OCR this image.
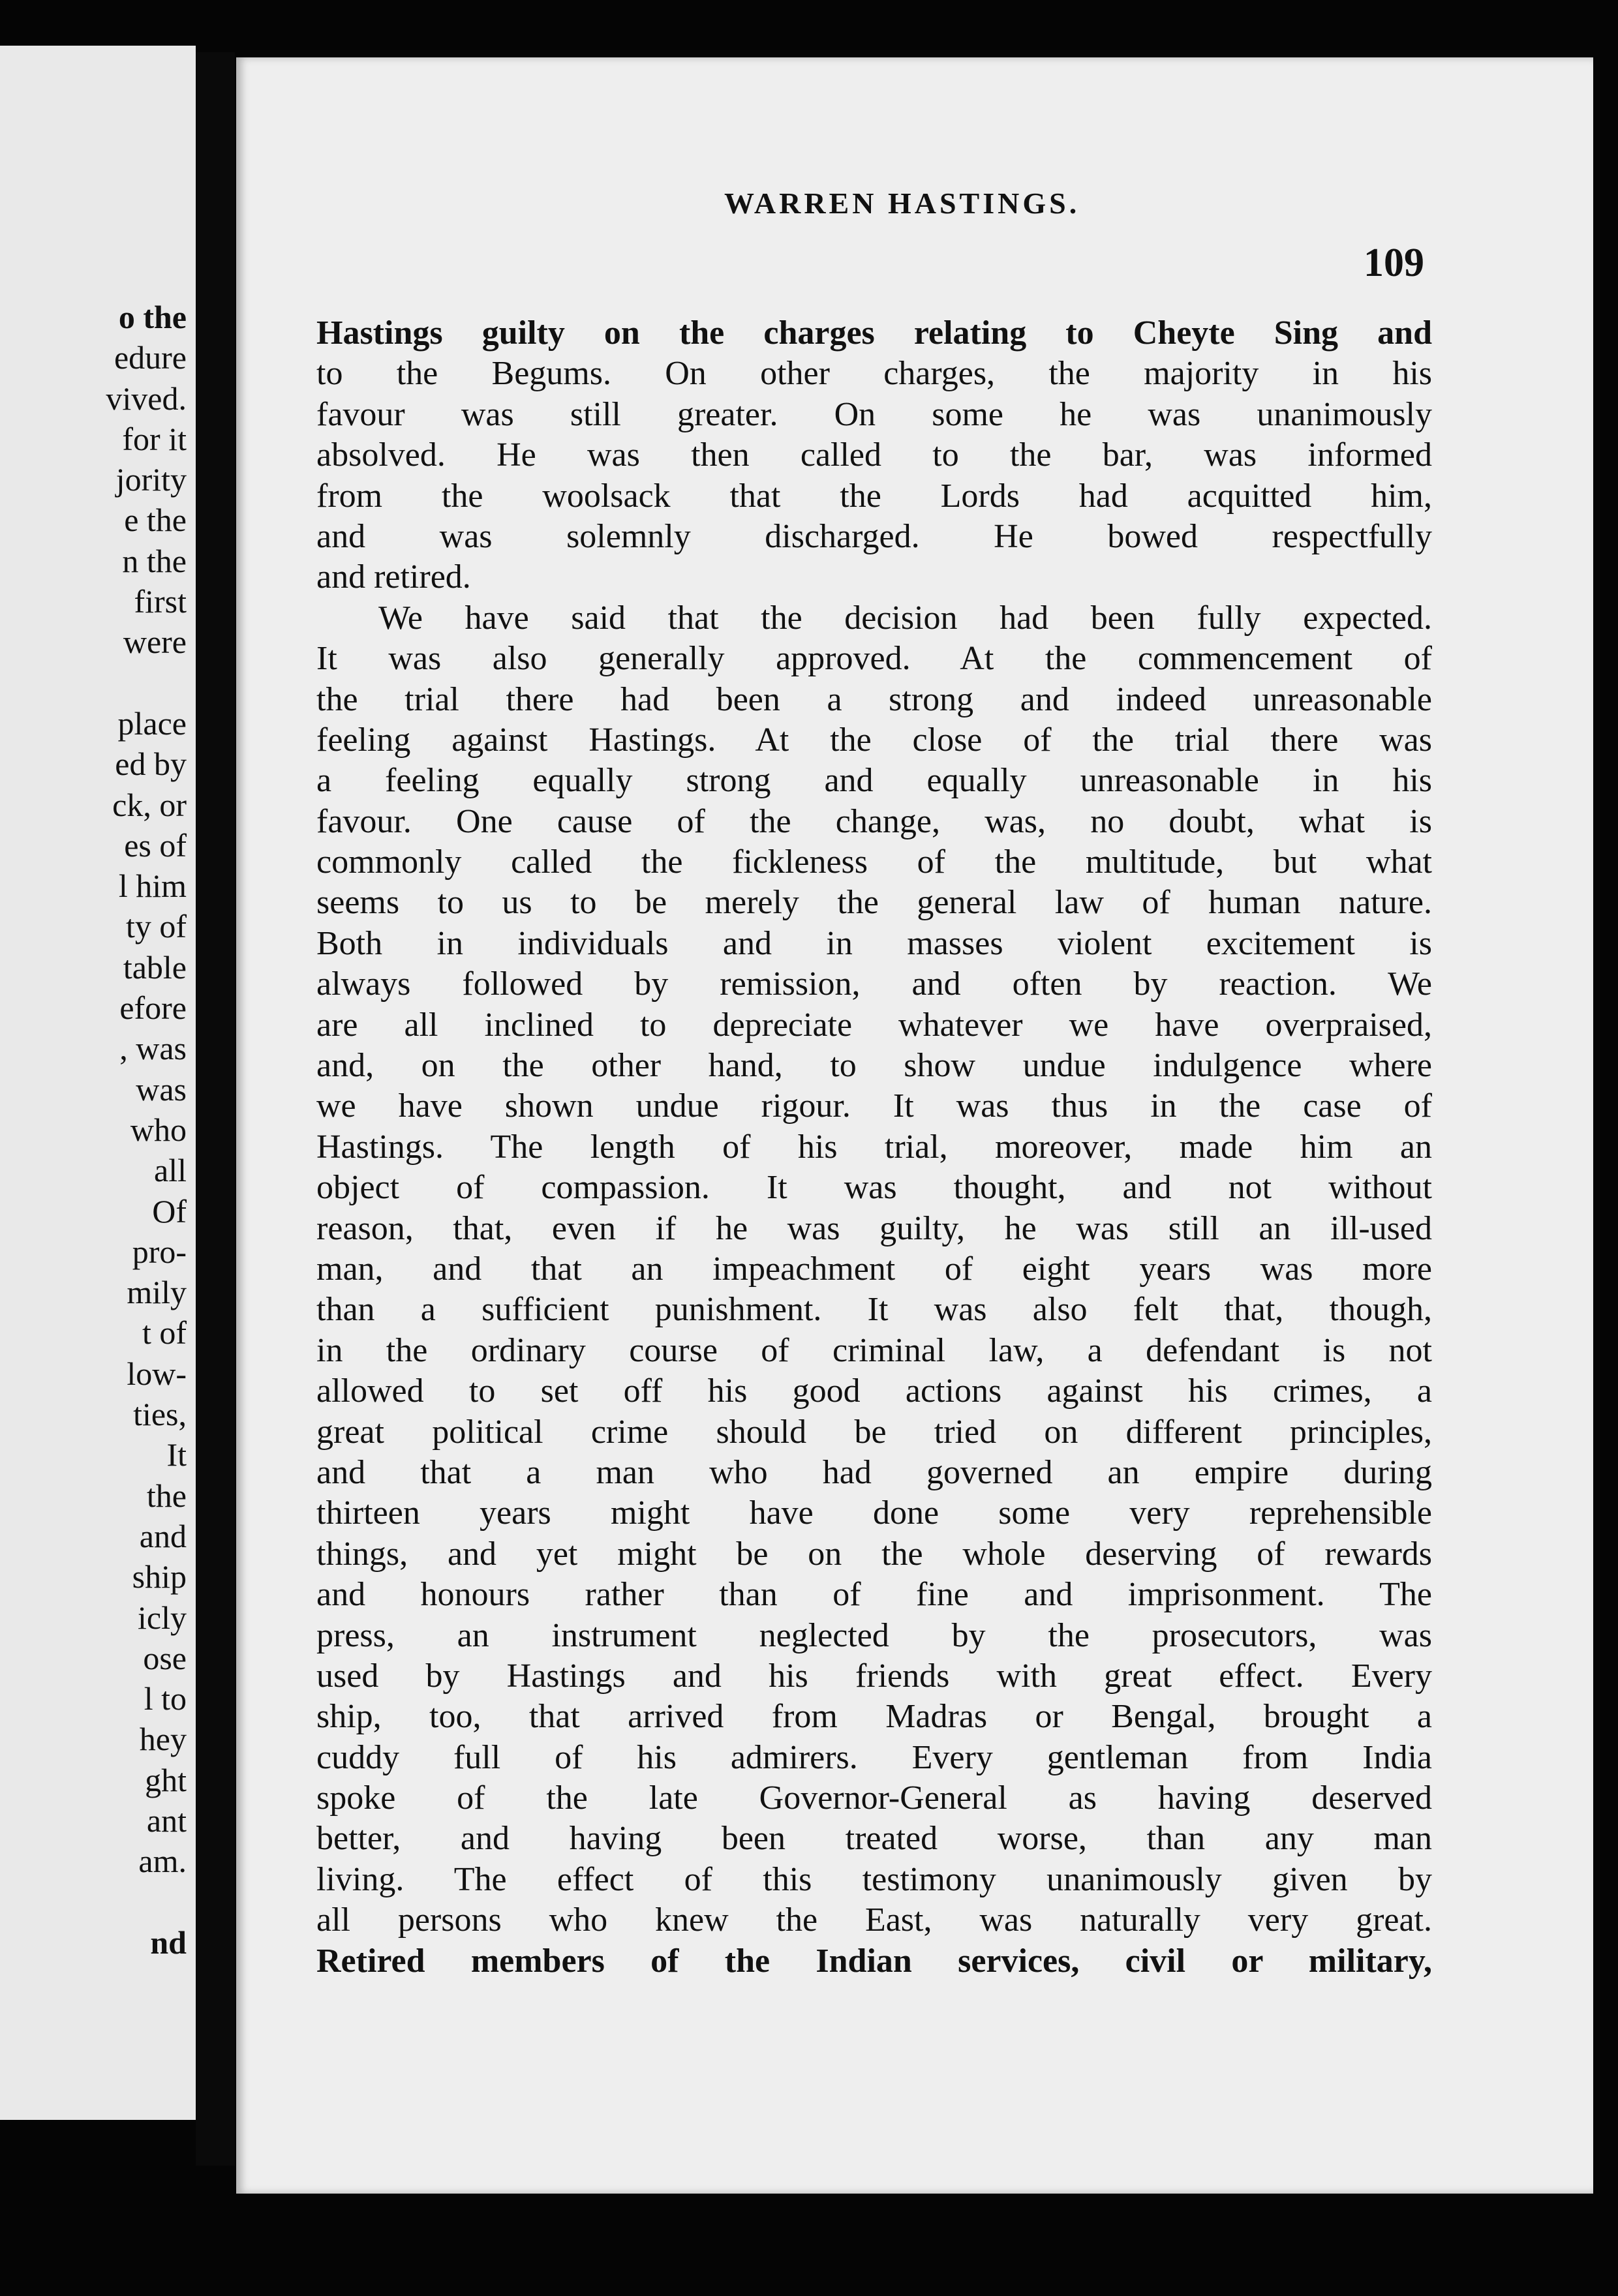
o the
edure
vived.
for it
jority
e the
n the
first
were
place
ed by
ck, or
es of
l him
ty of
table
efore
, was
was
who
all
Of
pro-
mily
t of
low-
ties,
It
the
and
ship
icly
ose
l to
hey
ght
ant
am.
nd
WARREN HASTINGS.
109
Hastings guilty on the charges relating to Cheyte Sing and
to the Begums. On other charges, the majority in his
favour was still greater. On some he was unanimously
absolved. He was then called to the bar, was informed
from the woolsack that the Lords had acquitted him,
and was solemnly discharged. He bowed respectfully
and retired.
We have said that the decision had been fully expected.
It was also generally approved. At the commencement of
the trial there had been a strong and indeed unreasonable
feeling against Hastings. At the close of the trial there was
a feeling equally strong and equally unreasonable in his
favour. One cause of the change, was, no doubt, what is
commonly called the fickleness of the multitude, but what
seems to us to be merely the general law of human nature.
Both in individuals and in masses violent excitement is
always followed by remission, and often by reaction. We
are all inclined to depreciate whatever we have overpraised,
and, on the other hand, to show undue indulgence where
we have shown undue rigour. It was thus in the case of
Hastings. The length of his trial, moreover, made him an
object of compassion. It was thought, and not without
reason, that, even if he was guilty, he was still an ill-used
man, and that an impeachment of eight years was more
than a sufficient punishment. It was also felt that, though,
in the ordinary course of criminal law, a defendant is not
allowed to set off his good actions against his crimes, a
great political crime should be tried on different principles,
and that a man who had governed an empire during
thirteen years might have done some very reprehensible
things, and yet might be on the whole deserving of rewards
and honours rather than of fine and imprisonment. The
press, an instrument neglected by the prosecutors, was
used by Hastings and his friends with great effect. Every
ship, too, that arrived from Madras or Bengal, brought a
cuddy full of his admirers. Every gentleman from India
spoke of the late Governor-General as having deserved
better, and having been treated worse, than any man
living. The effect of this testimony unanimously given by
all persons who knew the East, was naturally very great.
Retired members of the Indian services, civil or military,
